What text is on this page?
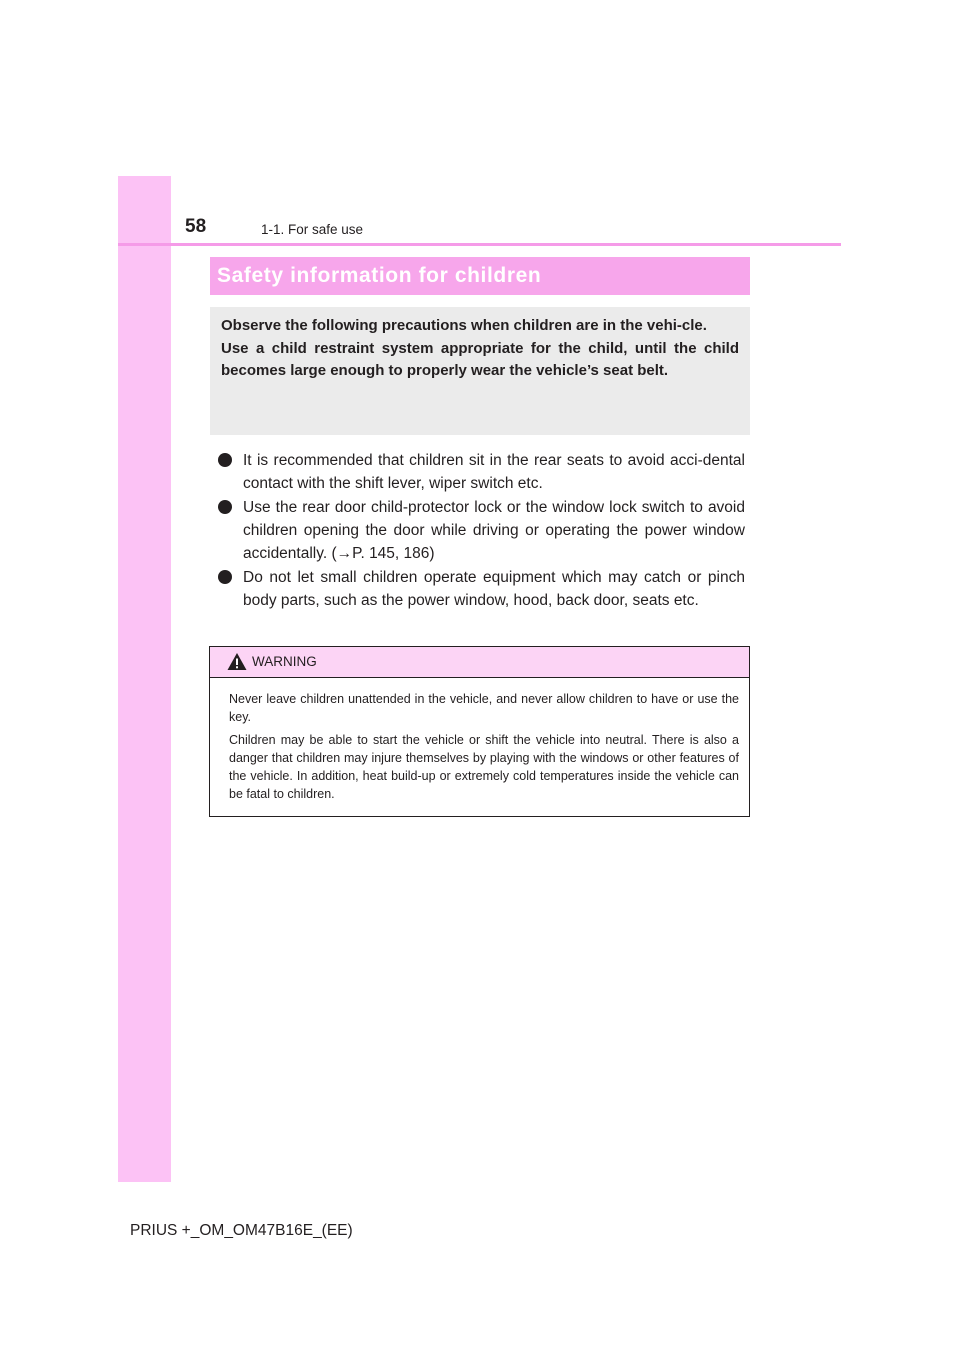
58	1-1. For safe use
Safety information for children

Observe the following precautions when children are in the vehi-cle.

Use a child restraint system appropriate for the child, until the child becomes large enough to properly wear the vehicle’s seat belt.

It is recommended that children sit in the rear seats to avoid acci-dental contact with the shift lever, wiper switch etc.
Use the rear door child-protector lock or the window lock switch to avoid children opening the door while driving or operating the power window accidentally. (→P. 145, 186)
Do not let small children operate equipment which may catch or pinch body parts, such as the power window, hood, back door, seats etc.
WARNING

Never leave children unattended in the vehicle, and never allow children to have or use the key.

Children may be able to start the vehicle or shift the vehicle into neutral. There is also a danger that children may injure themselves by playing with the windows or other features of the vehicle. In addition, heat build-up or extremely cold temperatures inside the vehicle can be fatal to children.

PRIUS +_OM_OM47B16E_(EE)
